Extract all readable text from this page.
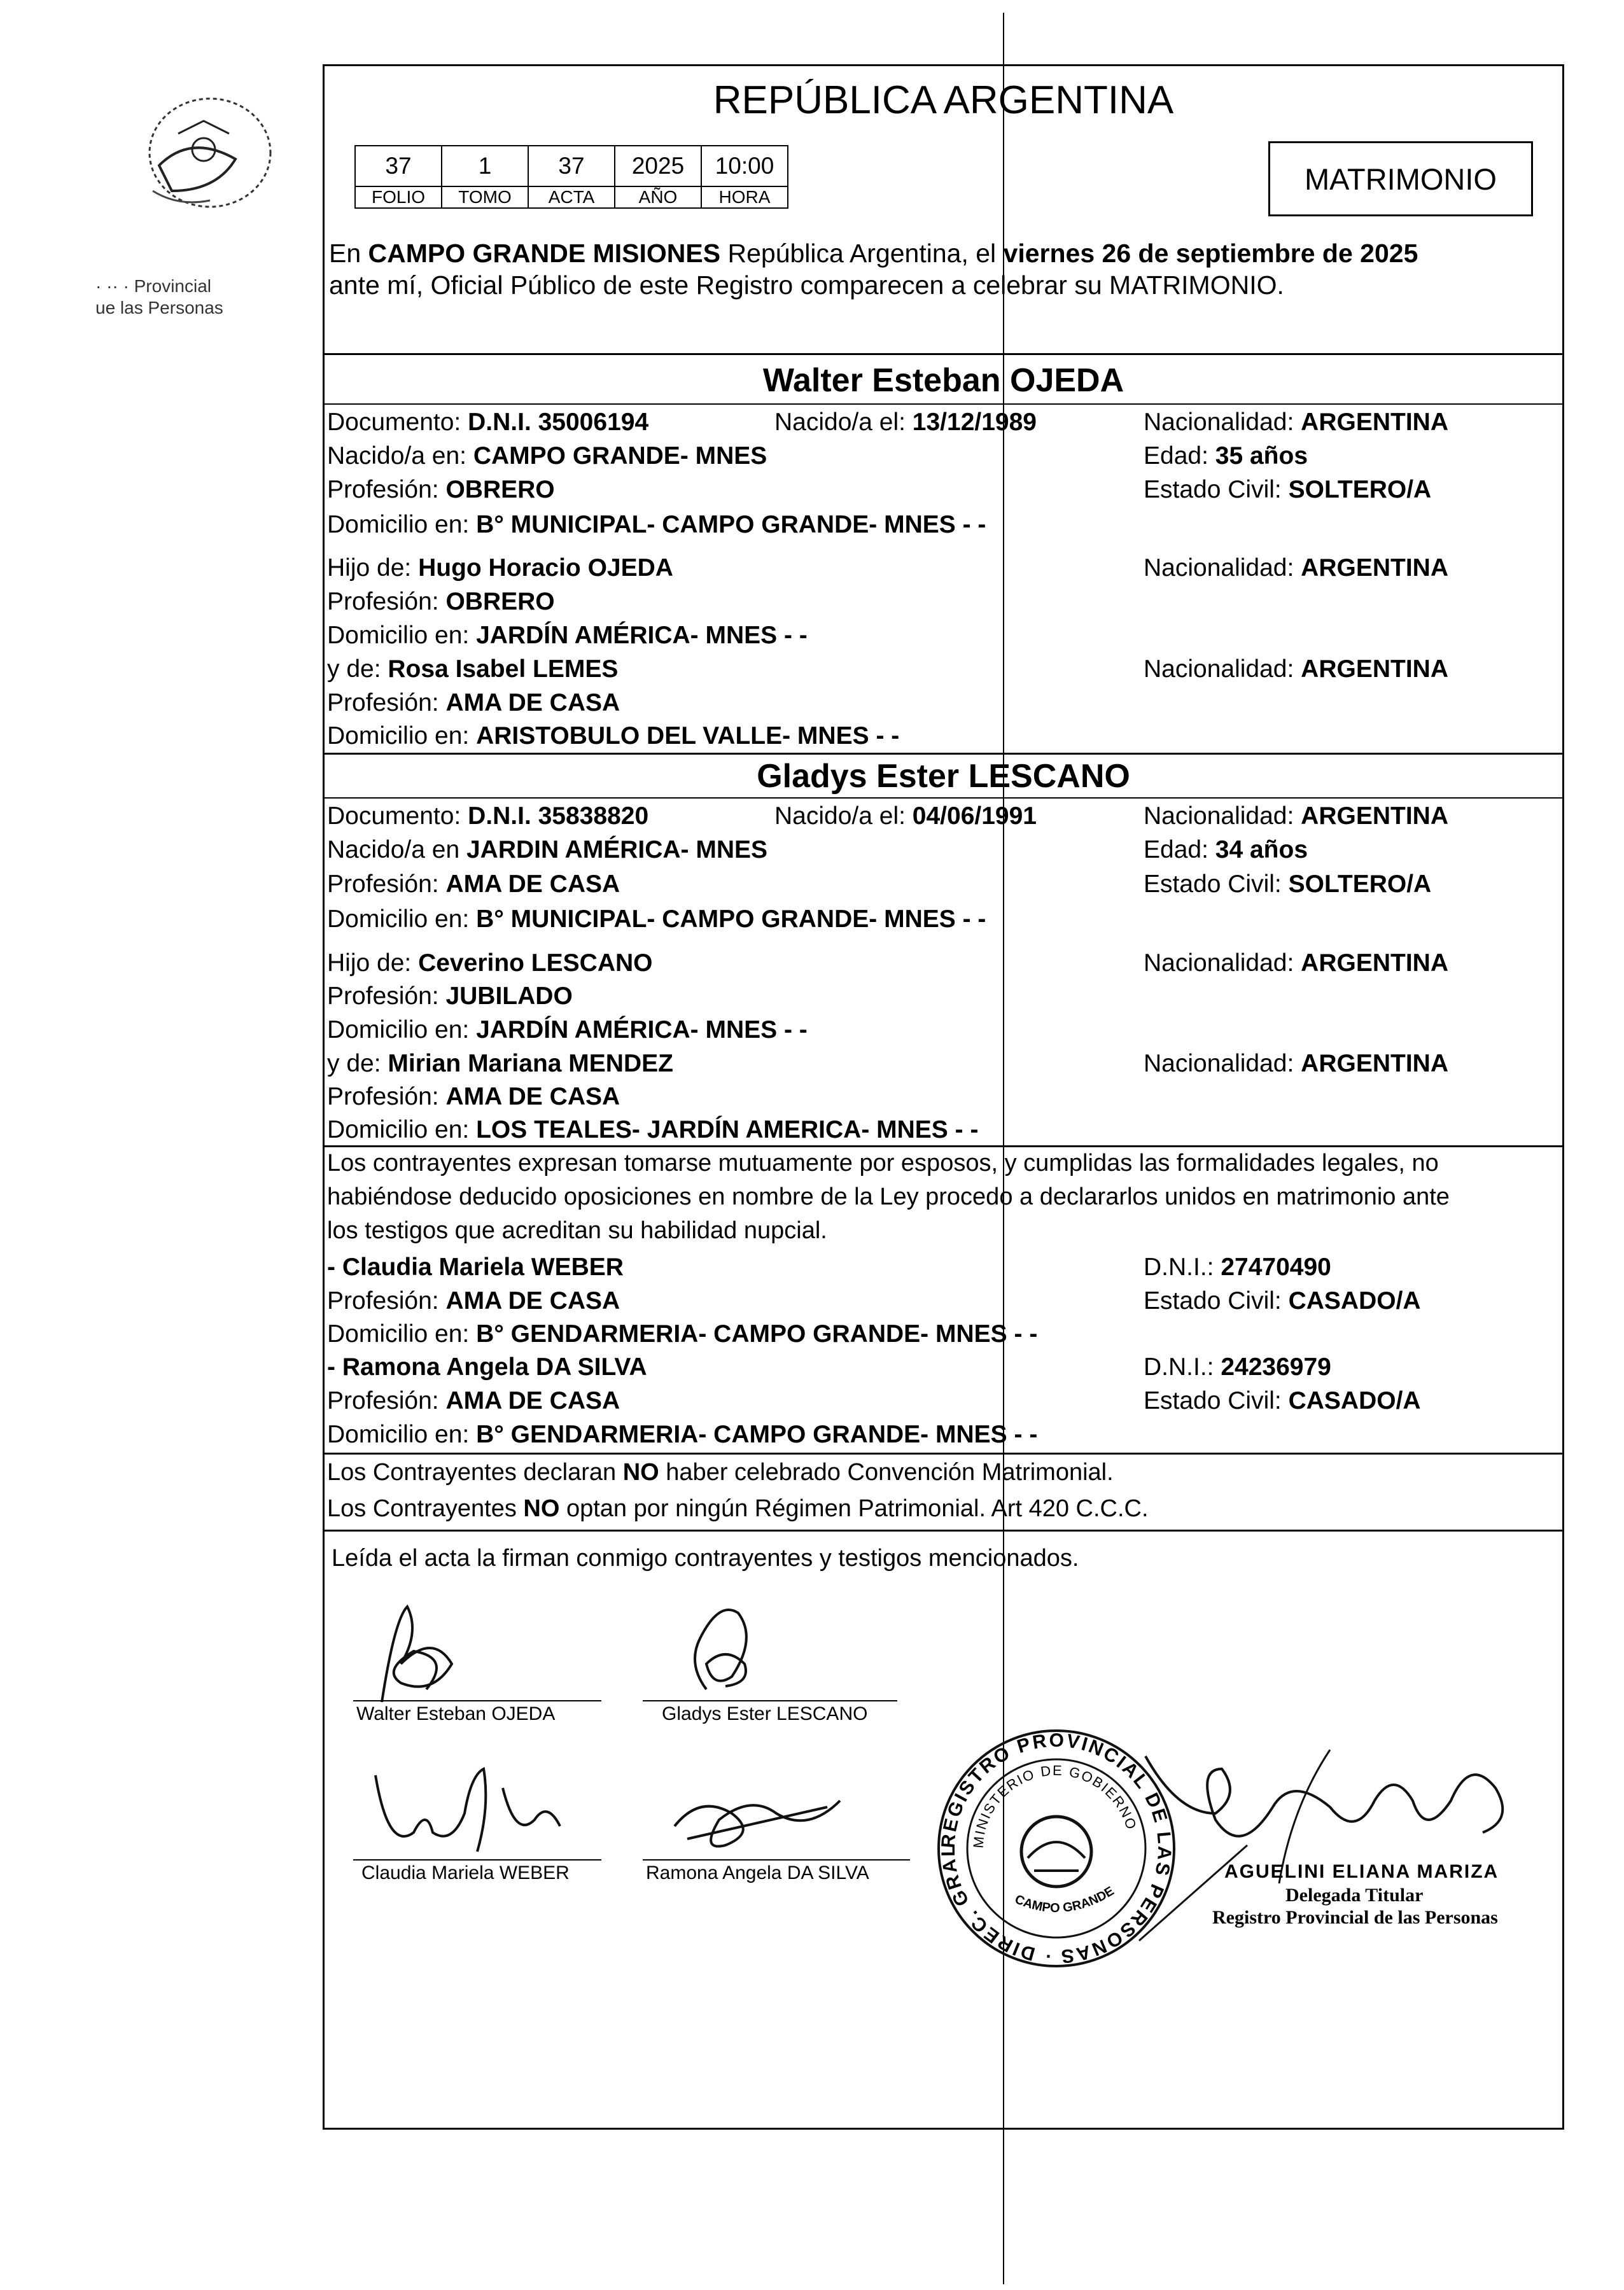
· ·· · Provincial
ue las Personas
REPÚBLICA ARGENTINA
37	1	37	2025	10:00
FOLIO	TOMO	ACTA	AÑO	HORA
MATRIMONIO
En CAMPO GRANDE MISIONES República Argentina, el viernes 26 de septiembre de 2025
ante mí, Oficial Público de este Registro comparecen a celebrar su MATRIMONIO.
Walter Esteban OJEDA
Documento: D.N.I. 35006194	Nacido/a el: 13/12/1989	Nacionalidad: ARGENTINA
Nacido/a en: CAMPO GRANDE- MNES	Edad: 35 años
Profesión: OBRERO	Estado Civil: SOLTERO/A
Domicilio en: B° MUNICIPAL- CAMPO GRANDE- MNES - -
Hijo de: Hugo Horacio OJEDA	Nacionalidad: ARGENTINA
Profesión: OBRERO
Domicilio en: JARDÍN AMÉRICA- MNES - -
y de: Rosa Isabel LEMES	Nacionalidad: ARGENTINA
Profesión: AMA DE CASA
Domicilio en: ARISTOBULO DEL VALLE- MNES - -
Gladys Ester LESCANO
Documento: D.N.I. 35838820	Nacido/a el: 04/06/1991	Nacionalidad: ARGENTINA
Nacido/a en JARDIN AMÉRICA- MNES	Edad: 34 años
Profesión: AMA DE CASA	Estado Civil: SOLTERO/A
Domicilio en: B° MUNICIPAL- CAMPO GRANDE- MNES - -
Hijo de: Ceverino LESCANO	Nacionalidad: ARGENTINA
Profesión: JUBILADO
Domicilio en: JARDÍN AMÉRICA- MNES - -
y de: Mirian Mariana MENDEZ	Nacionalidad: ARGENTINA
Profesión: AMA DE CASA
Domicilio en: LOS TEALES- JARDÍN AMERICA- MNES - -
Los contrayentes expresan tomarse mutuamente por esposos, y cumplidas las formalidades legales, no
habiéndose deducido oposiciones en nombre de la Ley procedo a declararlos unidos en matrimonio ante
los testigos que acreditan su habilidad nupcial.
- Claudia Mariela WEBER	D.N.I.: 27470490
Profesión: AMA DE CASA	Estado Civil: CASADO/A
Domicilio en: B° GENDARMERIA- CAMPO GRANDE- MNES - -
- Ramona Angela DA SILVA	D.N.I.: 24236979
Profesión: AMA DE CASA	Estado Civil: CASADO/A
Domicilio en: B° GENDARMERIA- CAMPO GRANDE- MNES - -
Los Contrayentes declaran NO haber celebrado Convención Matrimonial.
Los Contrayentes NO optan por ningún Régimen Patrimonial. Art 420 C.C.C.
Leída el acta la firman conmigo contrayentes y testigos mencionados.
Walter Esteban OJEDA	Gladys Ester LESCANO
Claudia Mariela WEBER	Ramona Angela DA SILVA
REGISTRO PROVINCIAL DE LAS PERSONAS · DIREC. GRAL. DEL
MINISTERIO DE GOBIERNO
CAMPO GRANDE
AGUELINI ELIANA MARIZA
Delegada Titular
Registro Provincial de las Personas
